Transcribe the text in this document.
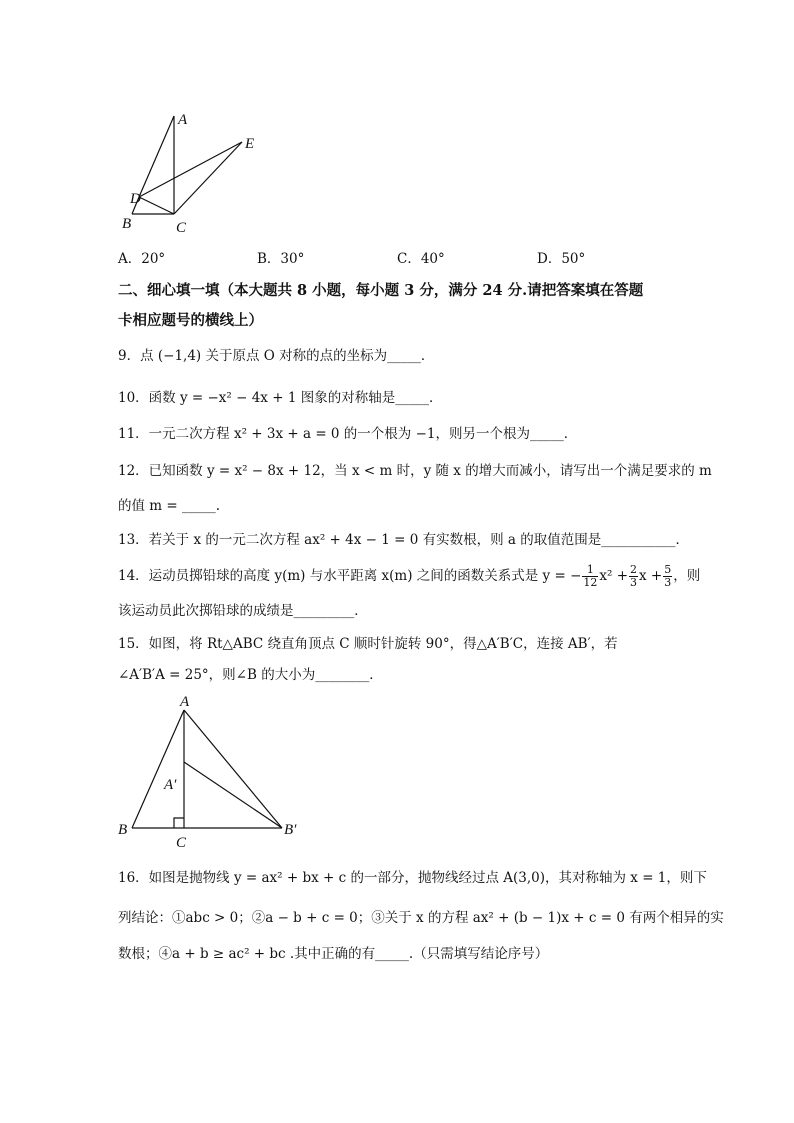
A
E
D
B	C
A．20°	B．30°	C．40°	D．50°
二、细心填一填（本大题共 8 小题，每小题 3 分，满分 24 分.请把答案填在答题
卡相应题号的横线上）
9．点 (−1,4) 关于原点 O 对称的点的坐标为_____．
10．函数 y = −x² − 4x + 1 图象的对称轴是_____．
11．一元二次方程 x² + 3x + a = 0 的一个根为 −1，则另一个根为_____．
12．已知函数 y = x² − 8x + 12，当 x < m 时，y 随 x 的增大而减小，请写出一个满足要求的 m
的值 m = _____.
13．若关于 x 的一元二次方程 ax² + 4x − 1 = 0 有实数根，则 a 的取值范围是___________．
14．运动员掷铅球的高度 y(m) 与水平距离 x(m) 之间的函数关系式是 y = − $\frac{1}{12} x^2 + \frac{2}{3}$ $x + \frac{5}{3}$ ，则
该运动员此次掷铅球的成绩是_________．
15．如图，将 Rt△ABC 绕直角顶点 C 顺时针旋转 90°，得△A′B′C，连接 AB′，若
∠A′B′A = 25°，则∠B 的大小为________．
A
A′
B
C
B′
16．如图是抛物线 y = ax² + bx + c 的一部分，抛物线经过点 A(3,0)，其对称轴为 x = 1，则下
列结论：①abc > 0；②a − b + c = 0；③关于 x 的方程 ax² + (b − 1)x + c = 0 有两个相异的实
数根；④a + b ≥ ac² + bc .其中正确的有_____.（只需填写结论序号）
